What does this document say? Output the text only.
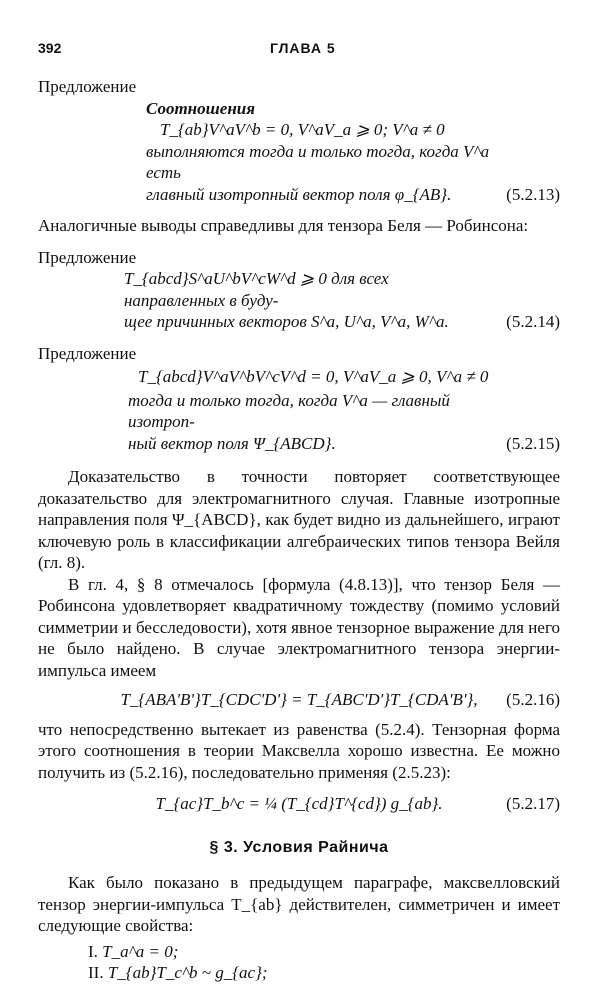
392	ГЛАВА 5
Предложение
Соотношения
T_{ab}V^aV^b = 0, V^aV_a ⩾ 0; V^a ≠ 0
выполняются тогда и только тогда, когда V^a есть
главный изотропный вектор поля φ_{AB}.	(5.2.13)
Аналогичные выводы справедливы для тензора Беля — Робинсона:
Предложение
T_{abcd}S^aU^bV^cW^d ⩾ 0 для всех направленных в буду-
щее причинных векторов S^a, U^a, V^a, W^a.	(5.2.14)
Предложение
T_{abcd}V^aV^bV^cV^d = 0, V^aV_a ⩾ 0, V^a ≠ 0
тогда и только тогда, когда V^a — главный изотроп-
ный вектор поля Ψ_{ABCD}.	(5.2.15)
Доказательство в точности повторяет соответствующее доказательство для электромагнитного случая. Главные изотропные направления поля Ψ_{ABCD}, как будет видно из дальнейшего, играют ключевую роль в классификации алгебраических типов тензора Вейля (гл. 8).
В гл. 4, § 8 отмечалось [формула (4.8.13)], что тензор Беля — Робинсона удовлетворяет квадратичному тождеству (помимо условий симметрии и бесследовости), хотя явное тензорное выражение для него не было найдено. В случае электромагнитного тензора энергии-импульса имеем
T_{ABA'B'}T_{CDC'D'} = T_{ABC'D'}T_{CDA'B'}, (5.2.16)
что непосредственно вытекает из равенства (5.2.4). Тензорная форма этого соотношения в теории Максвелла хорошо известна. Ее можно получить из (5.2.16), последовательно применяя (2.5.23):
T_{ac}T_b^c = ¼ (T_{cd}T^{cd}) g_{ab}.	(5.2.17)
§ 3. Условия Райнича
Как было показано в предыдущем параграфе, максвелловский тензор энергии-импульса T_{ab} действителен, симметричен и имеет следующие свойства:
I. T_a^a = 0;
II. T_{ab}T_c^b ~ g_{ac};
